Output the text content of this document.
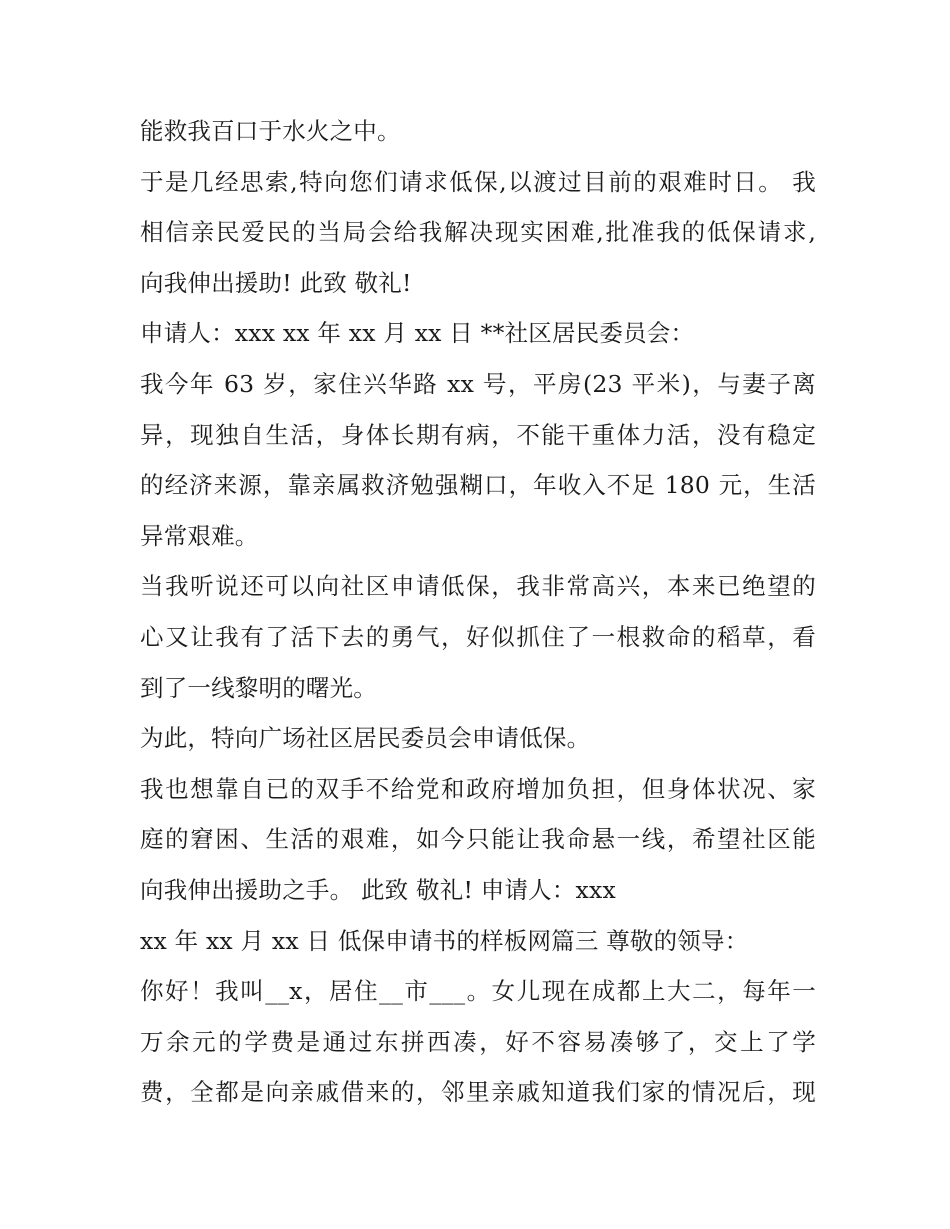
能救我百口于水火之中。
于是几经思索,特向您们请求低保,以渡过目前的艰难时日。 我
相信亲民爱民的当局会给我解决现实困难,批准我的低保请求,
向我伸出援助! 此致 敬礼!
申请人：xxx xx 年 xx 月 xx 日 **社区居民委员会：
我今年 63 岁，家住兴华路 xx 号，平房(23 平米)，与妻子离
异，现独自生活，身体长期有病，不能干重体力活，没有稳定
的经济来源，靠亲属救济勉强糊口，年收入不足 180 元，生活
异常艰难。
当我听说还可以向社区申请低保，我非常高兴，本来已绝望的
心又让我有了活下去的勇气，好似抓住了一根救命的稻草，看
到了一线黎明的曙光。
为此，特向广场社区居民委员会申请低保。
我也想靠自已的双手不给党和政府增加负担，但身体状况、家
庭的窘困、生活的艰难，如今只能让我命悬一线，希望社区能
向我伸出援助之手。 此致 敬礼! 申请人：xxx
xx 年 xx 月 xx 日 低保申请书的样板网篇三 尊敬的领导：
你好！我叫__x，居住__市___。女儿现在成都上大二，每年一
万余元的学费是通过东拼西凑，好不容易凑够了，交上了学
费，全都是向亲戚借来的，邻里亲戚知道我们家的情况后，现
